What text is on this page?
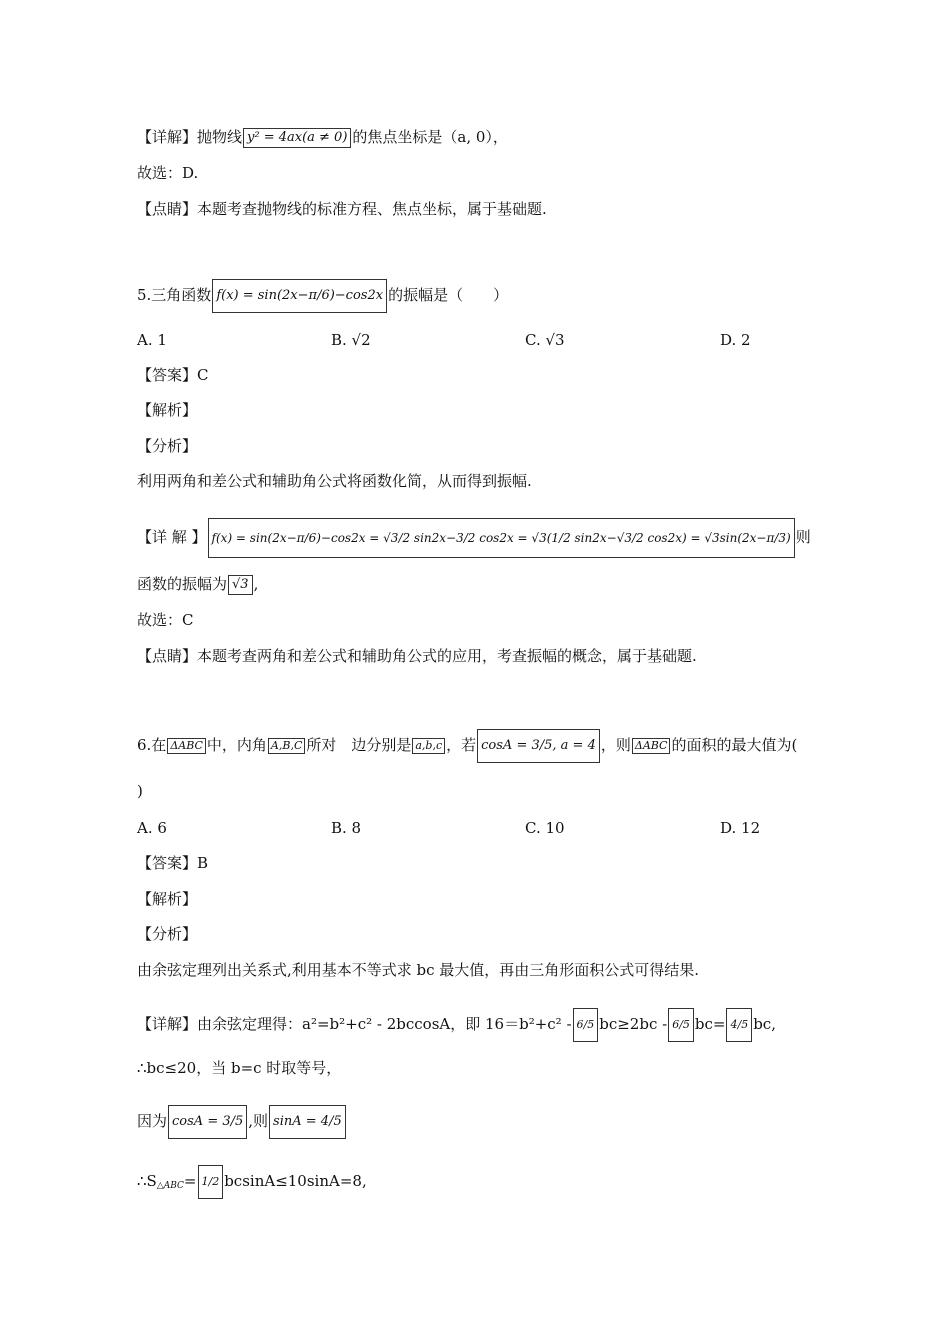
【详解】抛物线 y² = 4ax(a ≠ 0) 的焦点坐标是（a, 0），
故选：D.
【点睛】本题考查抛物线的标准方程、焦点坐标，属于基础题.
5.三角函数 f(x) = sin(2x−π/6)−cos2x 的振幅是（　　）
A. 1	B. √2	C. √3	D. 2
【答案】C
【解析】
【分析】
利用两角和差公式和辅助角公式将函数化简，从而得到振幅.
【详 解 】 f(x) = sin(2x−π/6)−cos2x = √3/2 sin2x−3/2 cos2x = √3(1/2 sin2x−√3/2 cos2x) = √3sin(2x−π/3) 则
函数的振幅为 √3 ,
故选：C
【点睛】本题考查两角和差公式和辅助角公式的应用，考查振幅的概念，属于基础题.
6.在 ΔABC 中，内角 A,B,C 所对　边分别是 a,b,c ，若 cosA = 3/5, a = 4 ，则 ΔABC 的面积的最大值为(
)
A. 6	B. 8	C. 10	D. 12
【答案】B
【解析】
【分析】
由余弦定理列出关系式,利用基本不等式求 bc 最大值，再由三角形面积公式可得结果.
【详解】由余弦定理得：a²=b²+c² - 2bccosA，即 16＝b²+c² - 6/5 bc≥2bc - 6/5 bc= 4/5 bc,
∴bc≤20，当 b=c 时取等号，
因为 cosA = 3/5 ,则 sinA = 4/5
$\therefore S_{\triangle ABC}= 1/2$ bcsinA≤10sinA=8,
